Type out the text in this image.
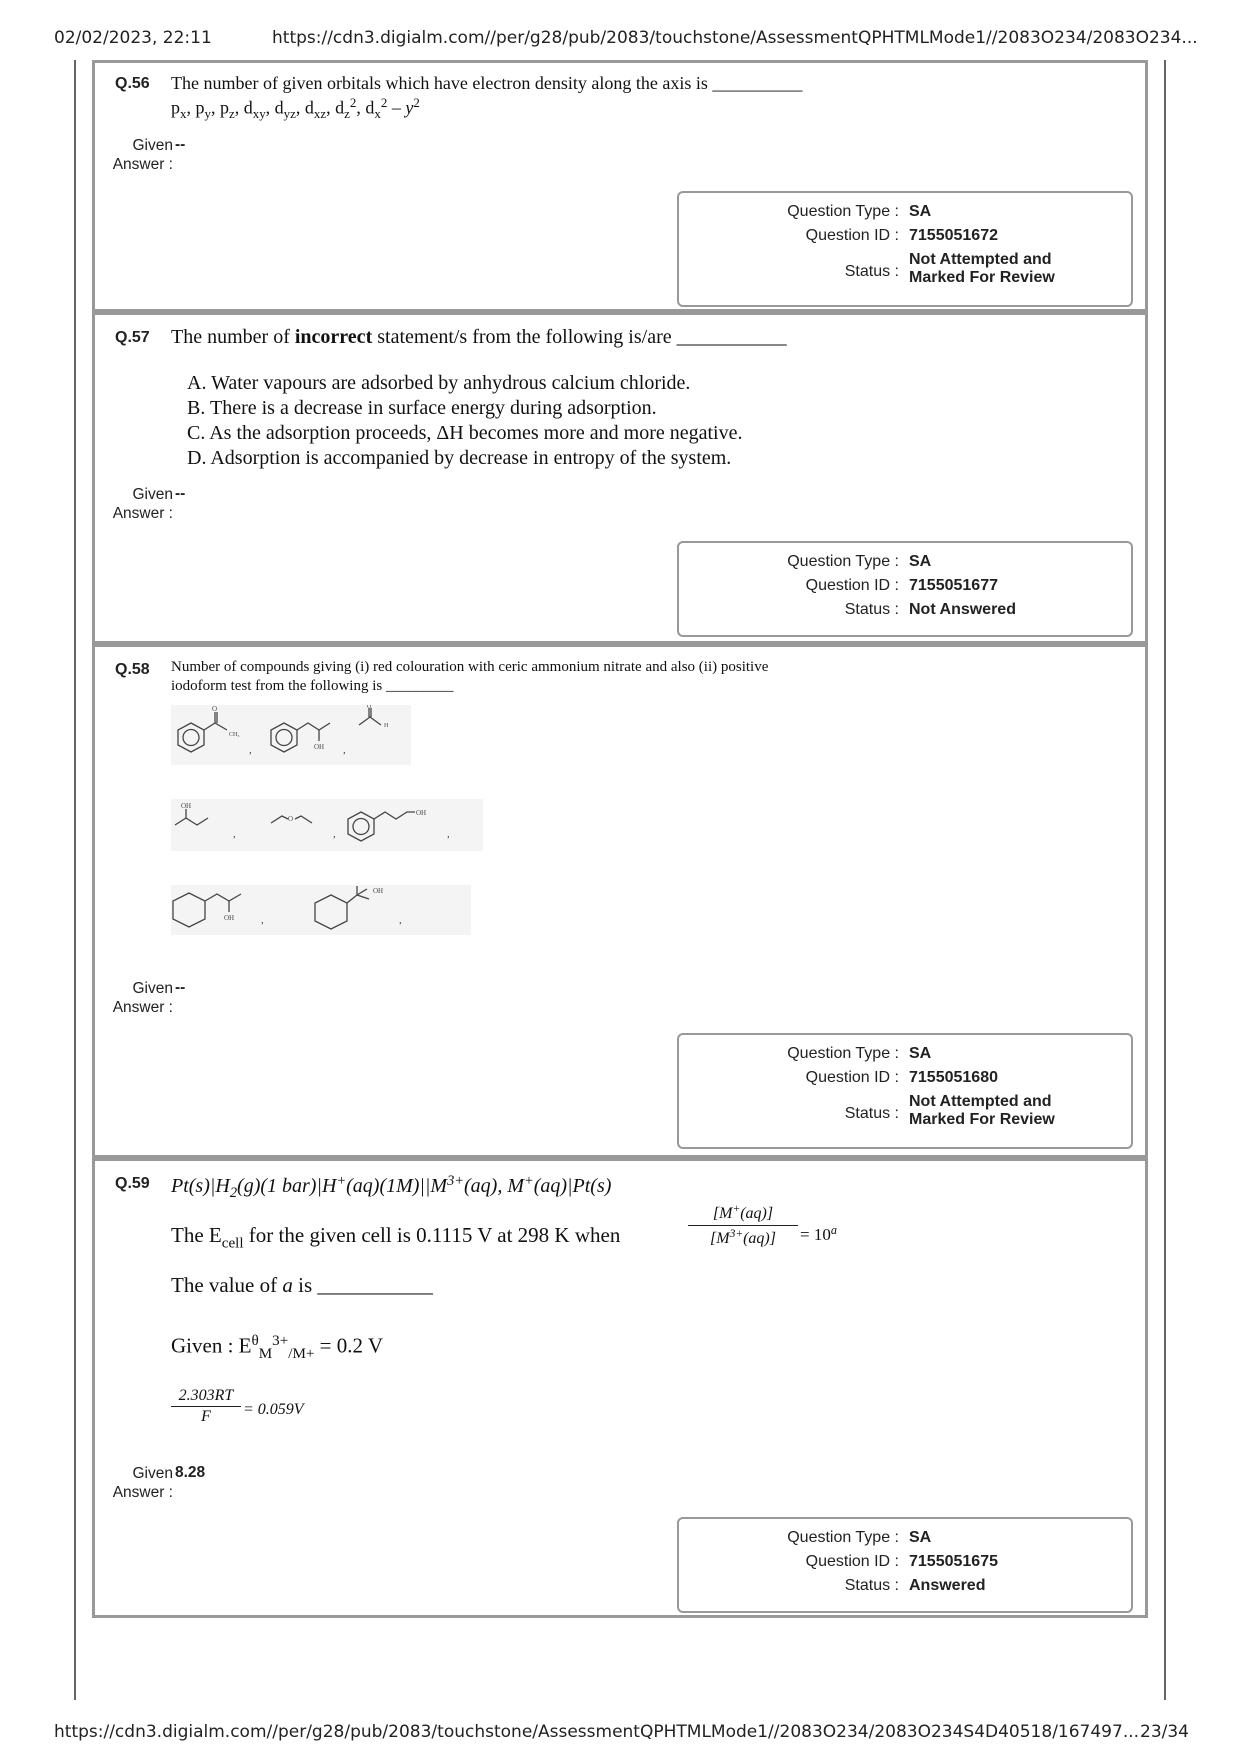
02/02/2023, 22:11	https://cdn3.digialm.com//per/g28/pub/2083/touchstone/AssessmentQPHTMLMode1//2083O234/2083O234...
Q.56 The number of given orbitals which have electron density along the axis is __________
$p_x$, $p_y$, $p_z$, $d_{xy}$, $d_{yz}$, $d_{xz}$, $d_z^2$, $d_x^2 - y^2$
Given
Answer :
--
Question Type : SA
Question ID : 7155051672
Status :
Not Attempted and
Marked For Review
Q.57 The number of incorrect statement/s from the following is/are ___________
A. Water vapours are adsorbed by anhydrous calcium chloride.
B. There is a decrease in surface energy during adsorption.
C. As the adsorption proceeds, ΔH becomes more and more negative.
D. Adsorption is accompanied by decrease in entropy of the system.
Given
Answer :
--
Question Type : SA
Question ID : 7155051677
Status : Not Answered
Q.58 Number of compounds giving (i) red colouration with ceric ammonium nitrate and also (ii) positive
iodoform test from the following is _________
O
CH₃
,	OH ,
O
H
OH
,
O
,
OH
,
OH ,
OH
,
Given
Answer :
--
Question Type : SA
Question ID : 7155051680
Status :
Not Attempted and
Marked For Review
Q.59 $Pt(s)|H_2(g)(1$ $bar)|H^+(aq)(1M)||M^{3+}(aq)$, M+(aq)|Pt(s)
The $E_{cell}$ for the given cell is 0.1115 V at 298 K when
[M+(aq)]
$[M^{3+}(aq)]$	= $10^a$
The value of a is ___________
Given : $E^\theta_M^{3+}_{/M+} = 0.2$ V
2.303RT
F	= 0.059V
Given
Answer :
8.28
Question Type : SA
Question ID : 7155051675
Status : Answered
https://cdn3.digialm.com//per/g28/pub/2083/touchstone/AssessmentQPHTMLMode1//2083O234/2083O234S4D40518/167497... 23/34
